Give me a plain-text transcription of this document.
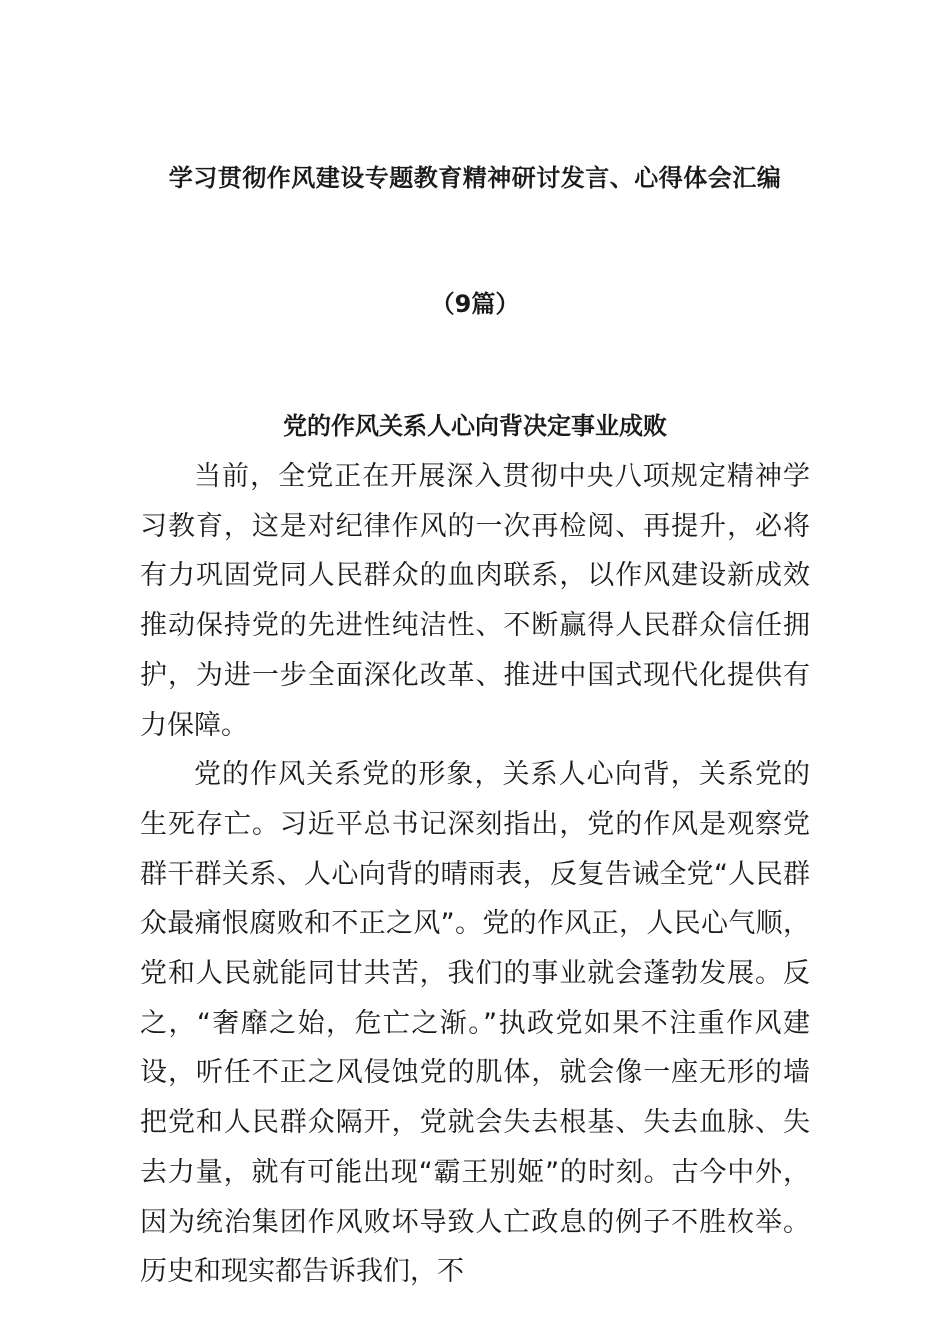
学习贯彻作风建设专题教育精神研讨发言、心得体会汇编
（9篇）
党的作风关系人心向背决定事业成败

当前，全党正在开展深入贯彻中央八项规定精神学习教育，这是对纪律作风的一次再检阅、再提升，必将有力巩固党同人民群众的血肉联系，以作风建设新成效推动保持党的先进性纯洁性、不断赢得人民群众信任拥护，为进一步全面深化改革、推进中国式现代化提供有力保障。

党的作风关系党的形象，关系人心向背，关系党的生死存亡。习近平总书记深刻指出，党的作风是观察党群干群关系、人心向背的晴雨表，反复告诫全党“人民群众最痛恨腐败和不正之风”。党的作风正，人民心气顺，党和人民就能同甘共苦，我们的事业就会蓬勃发展。反之，“奢靡之始，危亡之渐。”执政党如果不注重作风建设，听任不正之风侵蚀党的肌体，就会像一座无形的墙把党和人民群众隔开，党就会失去根基、失去血脉、失去力量，就有可能出现“霸王别姬”的时刻。古今中外，因为统治集团作风败坏导致人亡政息的例子不胜枚举。历史和现实都告诉我们，不
